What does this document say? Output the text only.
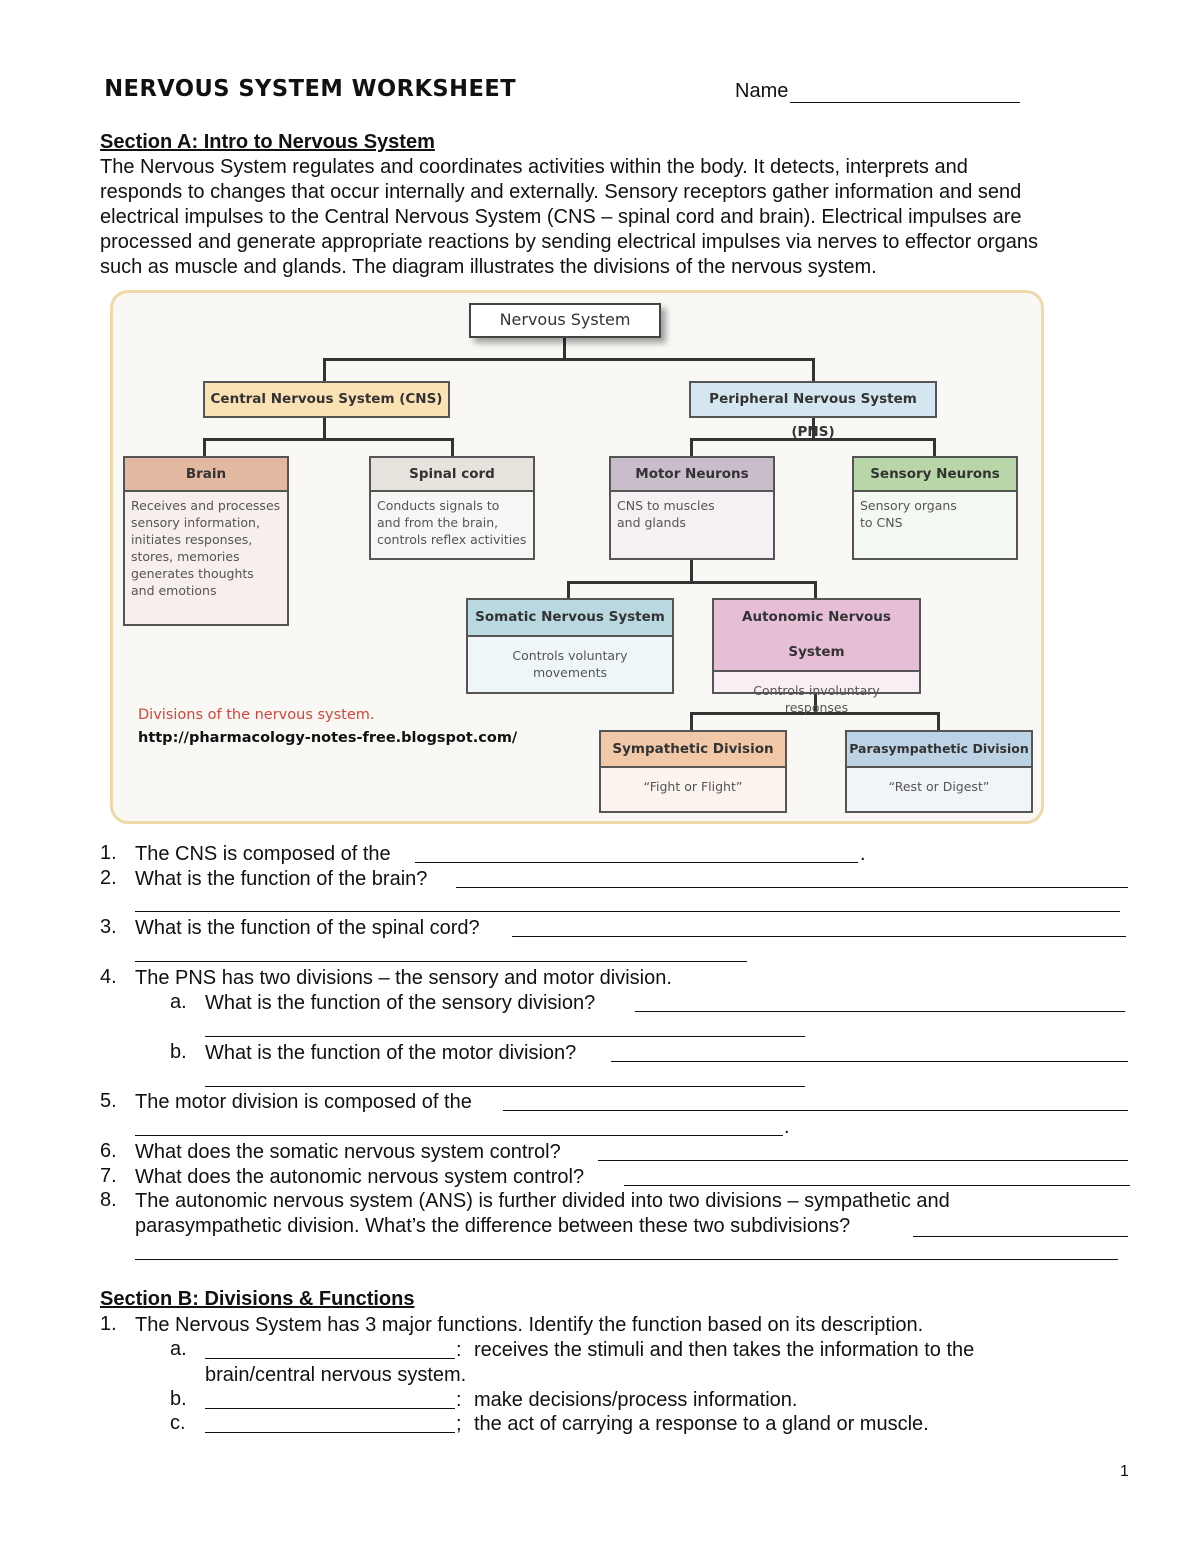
NERVOUS SYSTEM WORKSHEET	Name
Section A: Intro to Nervous System
The Nervous System regulates and coordinates activities within the body. It detects, interprets and
responds to changes that occur internally and externally. Sensory receptors gather information and send
electrical impulses to the Central Nervous System (CNS – spinal cord and brain). Electrical impulses are
processed and generate appropriate reactions by sending electrical impulses via nerves to effector organs
such as muscle and glands. The diagram illustrates the divisions of the nervous system.
Nervous System
Central Nervous System (CNS)	Peripheral Nervous System (PNS)
Brain
Receives and processes
sensory information,
initiates responses,
stores, memories
generates thoughts
and emotions
Spinal cord
Conducts signals to
and from the brain,
controls reflex activities
Motor Neurons
CNS to muscles
and glands
Sensory Neurons
Sensory organs
to CNS
Somatic Nervous System
Controls voluntary
movements
Autonomic Nervous System
Controls involuntary
responses
Sympathetic Division
“Fight or Flight”
Parasympathetic Division
“Rest or Digest”
Divisions of the nervous system.
http://pharmacology-notes-free.blogspot.com/
1. The CNS is composed of the	.
2. What is the function of the brain?
3. What is the function of the spinal cord?
4. The PNS has two divisions – the sensory and motor division.
a. What is the function of the sensory division?
b. What is the function of the motor division?
5. The motor division is composed of the
.
6. What does the somatic nervous system control?
7. What does the autonomic nervous system control?
8. The autonomic nervous system (ANS) is further divided into two divisions – sympathetic and
parasympathetic division. What’s the difference between these two subdivisions?
Section B: Divisions & Functions
1. The Nervous System has 3 major functions. Identify the function based on its description.
a.	: receives the stimuli and then takes the information to the
brain/central nervous system.
b.	: make decisions/process information.
c.	; the act of carrying a response to a gland or muscle.
1
